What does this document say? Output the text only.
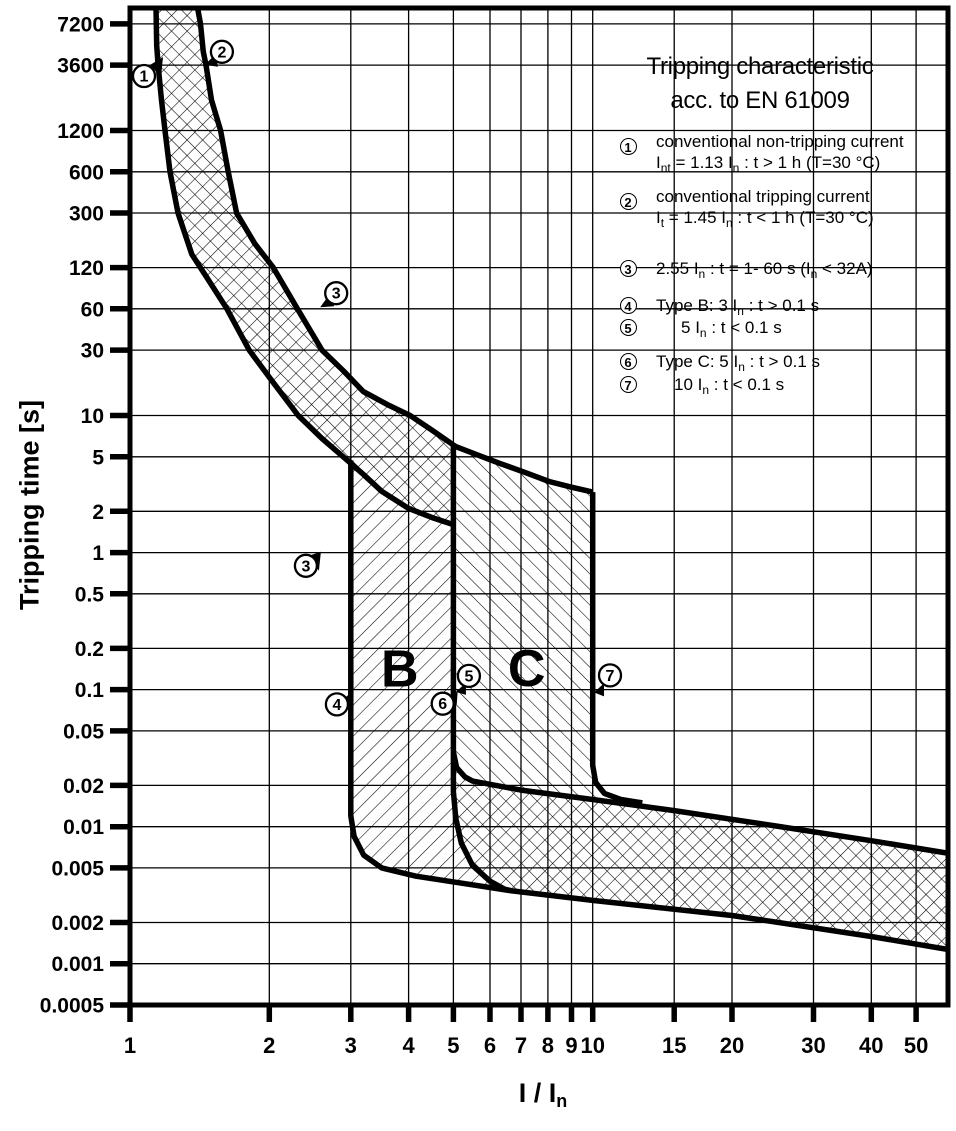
7200
3600
1200
600
300
120
60
30
10
5
2
1
0.5
0.2
0.1
0.05
0.02
0.01
0.005
0.002
0.001
0.0005
1	2	3 4 5 6 7 8 9 10	15 20	30 40 50
B C
1
2
3
3
4
5
6
7
Tripping characteristic
acc. to EN 61009
Tripping time [s]
I / In
1 conventional non-tripping current
$I_{nt} = 1.13$ $I_n$ : t > 1 h (T=30 °C)
2 conventional tripping current
$I_t = 1.45$ $I_n$ : t < 1 h (T=30 °C)
3 2.55 $I_n$ : t = 1- 60 s $(I_n < 32A)$
4 Type B: 3 $I_n$ : t > 0.1 s
5	5 $I_n$ : t < 0.1 s
6 Type C: 5 $I_n$ : t > 0.1 s
7 10 $I_n$ : t < 0.1 s
